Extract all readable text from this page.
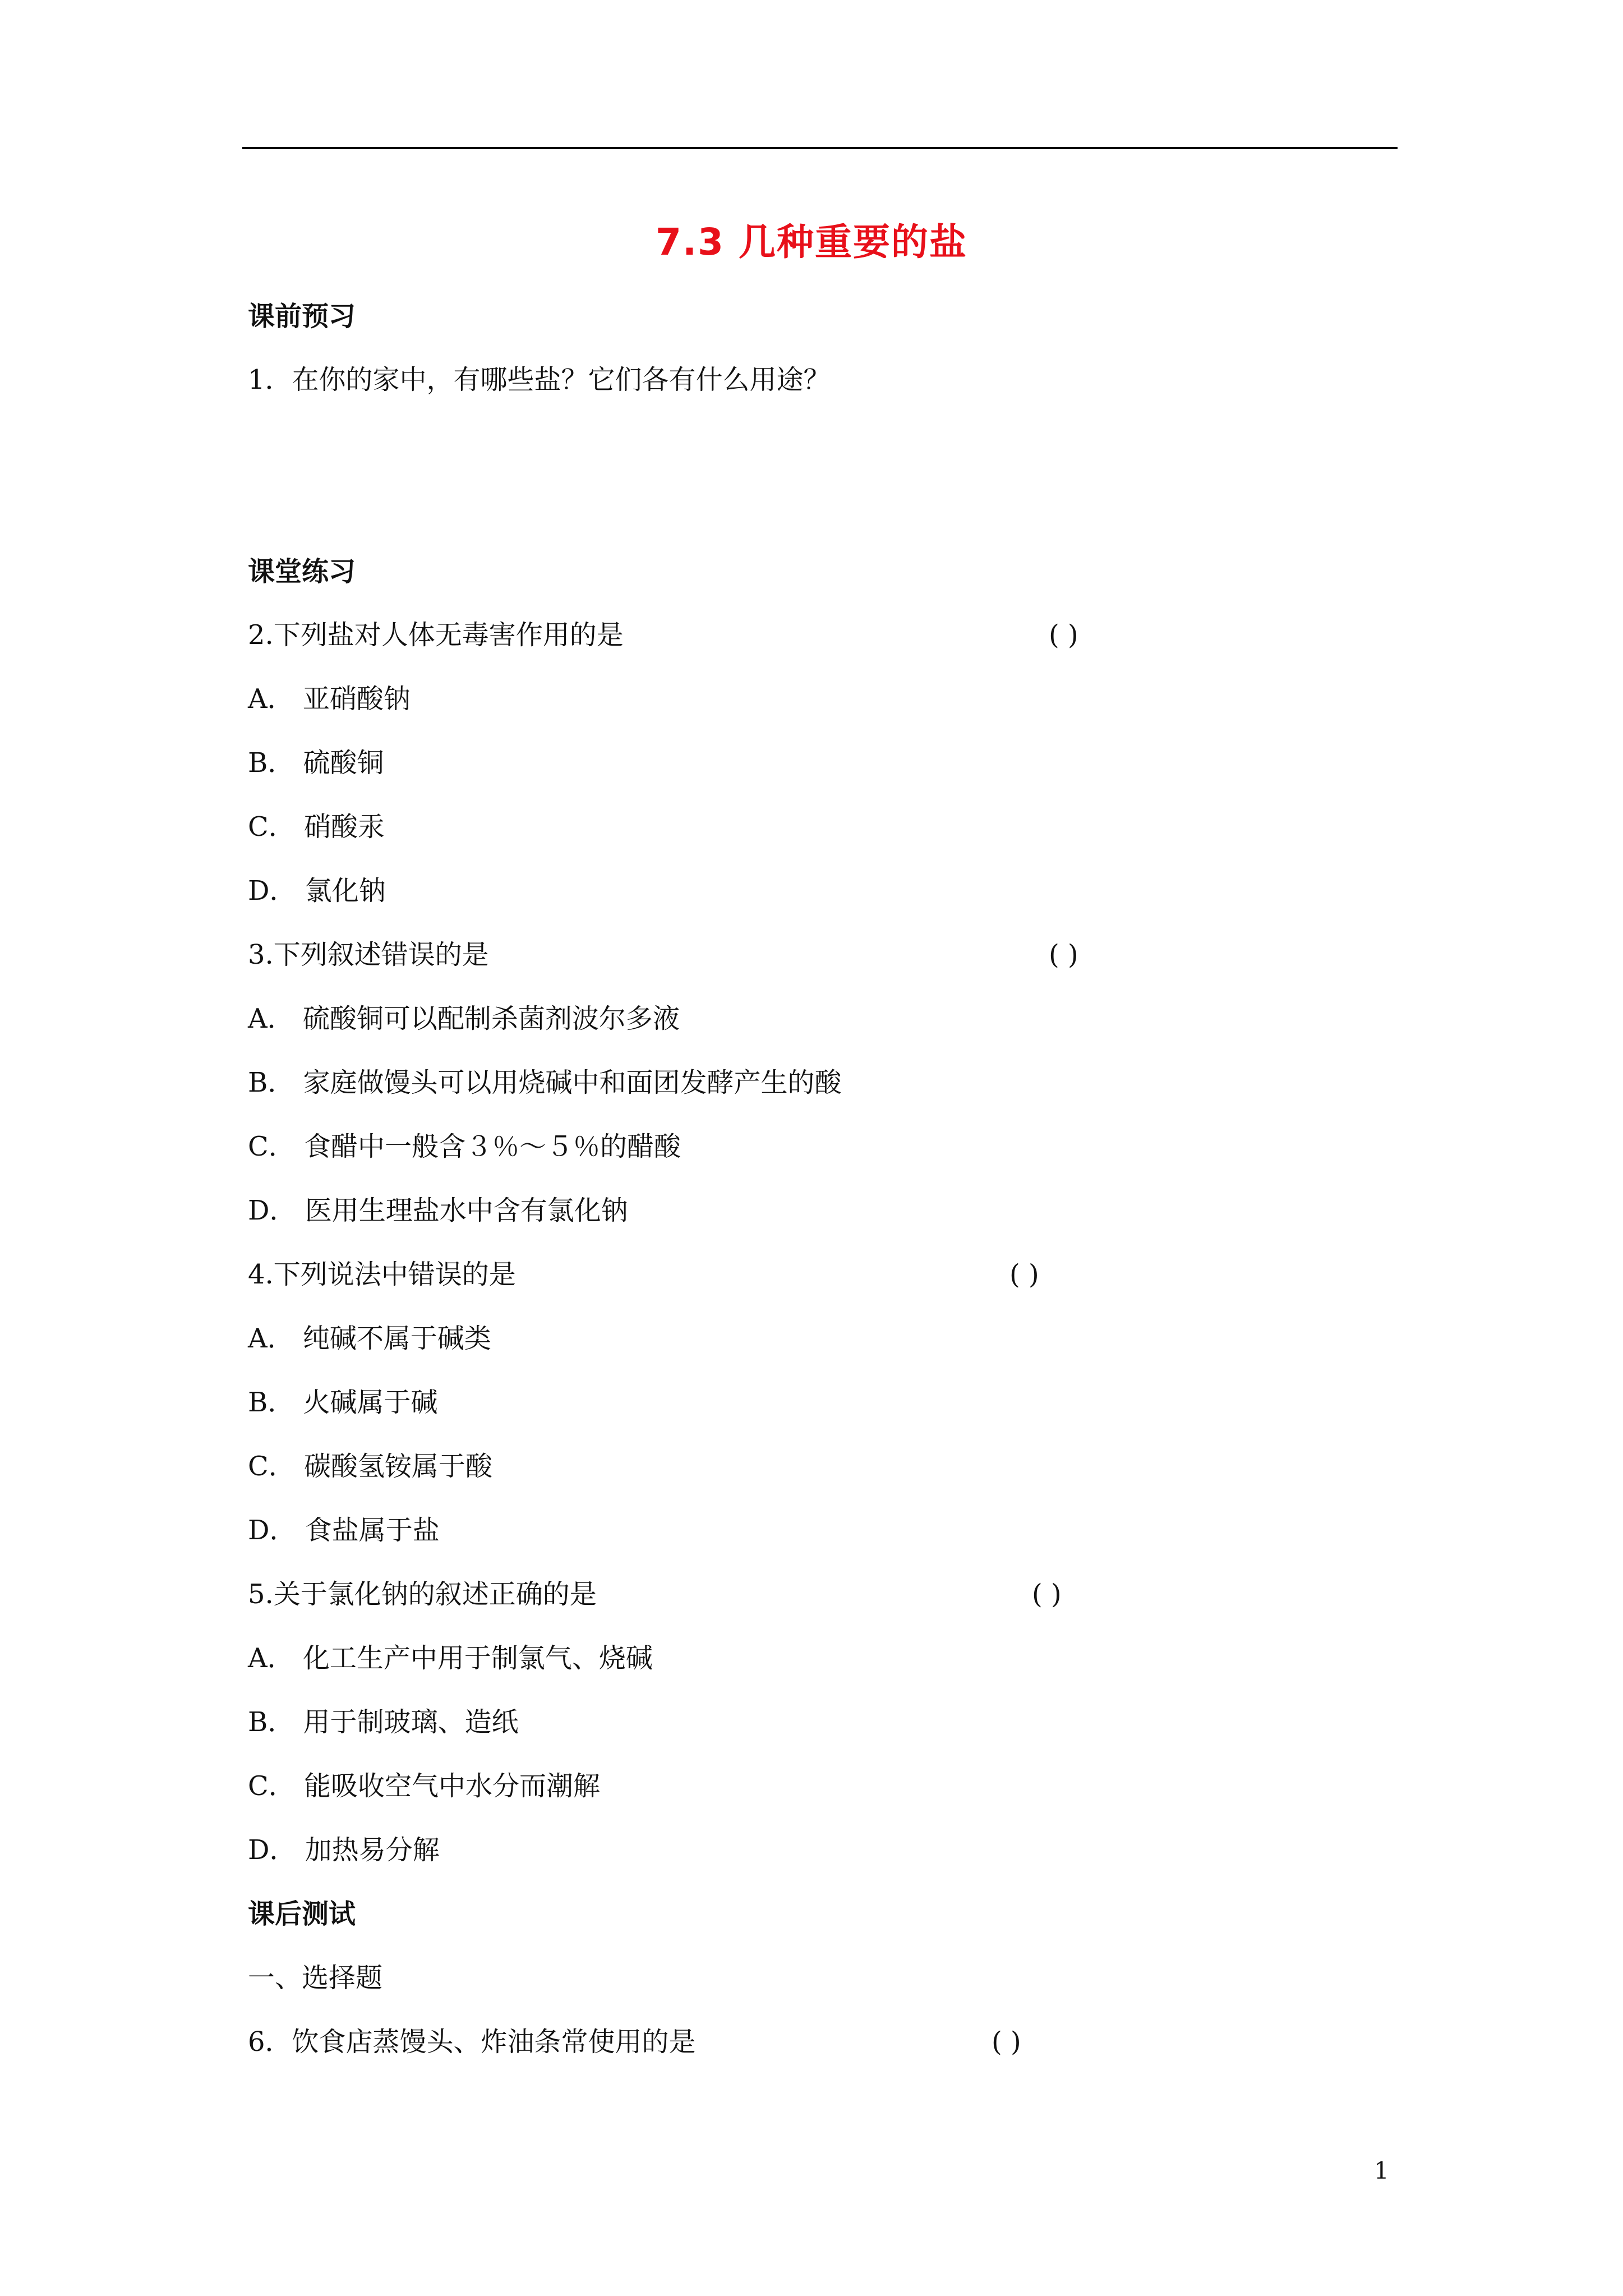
7.3 几种重要的盐
课前预习
1．在你的家中，有哪些盐？它们各有什么用途？
课堂练习
2.下列盐对人体无毒害作用的是	( )
A． 亚硝酸钠
B． 硫酸铜
C． 硝酸汞
D． 氯化钠
3.下列叙述错误的是	( )
A． 硫酸铜可以配制杀菌剂波尔多液
B． 家庭做馒头可以用烧碱中和面团发酵产生的酸
C． 食醋中一般含３％～５％的醋酸
D． 医用生理盐水中含有氯化钠
4.下列说法中错误的是	( )
A． 纯碱不属于碱类
B． 火碱属于碱
C． 碳酸氢铵属于酸
D． 食盐属于盐
5.关于氯化钠的叙述正确的是	( )
A． 化工生产中用于制氯气、烧碱
B． 用于制玻璃、造纸
C． 能吸收空气中水分而潮解
D． 加热易分解
课后测试
一、选择题
6．饮食店蒸馒头、炸油条常使用的是	( )
1
